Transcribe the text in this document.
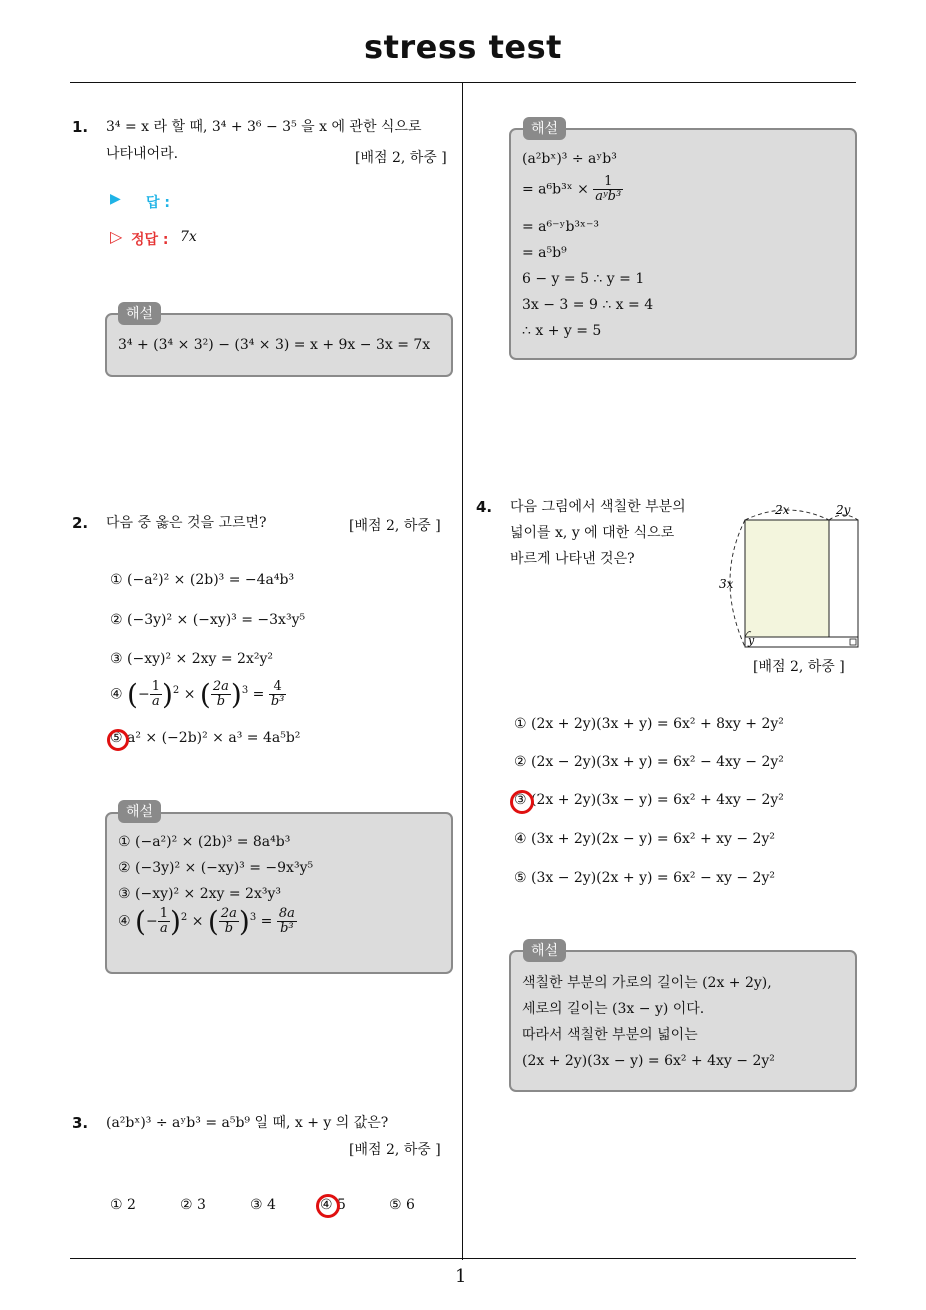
stress test
1
1. 3⁴ = x 라 할 때, 3⁴ + 3⁶ − 3⁵ 을 x 에 관한 식으로
나타내어라.	[배점 2, 하중 ]
▶ 답 :
▷ 정답 : 7x
해설
3⁴ + (3⁴ × 3²) − (3⁴ × 3) = x + 9x − 3x = 7x
2. 다음 중 옳은 것을 고르면?	[배점 2, 하중 ]
① (−a²)² × (2b)³ = −4a⁴b³
② (−3y)² × (−xy)³ = −3x³y⁵
③ (−xy)² × 2xy = 2x²y²
④ (− $\frac{1}{a} )^2$ × ( $\frac{2a}{b} )^3 = \frac{4}{\text{b³}}$
⑤ a² × (−2b)² × a³ = 4a⁵b²
해설
① (−a²)² × (2b)³ = 8a⁴b³
② (−3y)² × (−xy)³ = −9x³y⁵
③ (−xy)² × 2xy = 2x³y³
④ (− $\frac{1}{a} )^2$ × ( $\frac{2a}{b} )^3 = \frac{8a}{\text{b³}}$
3. (a²bˣ)³ ÷ aʸb³ = a⁵b⁹ 일 때, x + y 의 값은?
[배점 2, 하중 ]
① 2	② 3	③ 4	④ 5	⑤ 6
해설
(a²bˣ)³ ÷ aʸb³
= a⁶b³ˣ × $\frac{1}{\text{aʸb³}}$
= a⁶⁻ʸb³ˣ⁻³
= a⁵b⁹
6 − y = 5 ∴ y = 1
3x − 3 = 9 ∴ x = 4
∴ x + y = 5
4. 다음 그림에서 색칠한 부분의
넓이를 x, y 에 대한 식으로
바르게 나타낸 것은?
2x	2y
3x
y
[배점 2, 하중 ]
① (2x + 2y)(3x + y) = 6x² + 8xy + 2y²
② (2x − 2y)(3x + y) = 6x² − 4xy − 2y²
③ (2x + 2y)(3x − y) = 6x² + 4xy − 2y²
④ (3x + 2y)(2x − y) = 6x² + xy − 2y²
⑤ (3x − 2y)(2x + y) = 6x² − xy − 2y²
해설
색칠한 부분의 가로의 길이는 (2x + 2y),
세로의 길이는 (3x − y) 이다.
따라서 색칠한 부분의 넓이는
(2x + 2y)(3x − y) = 6x² + 4xy − 2y²
